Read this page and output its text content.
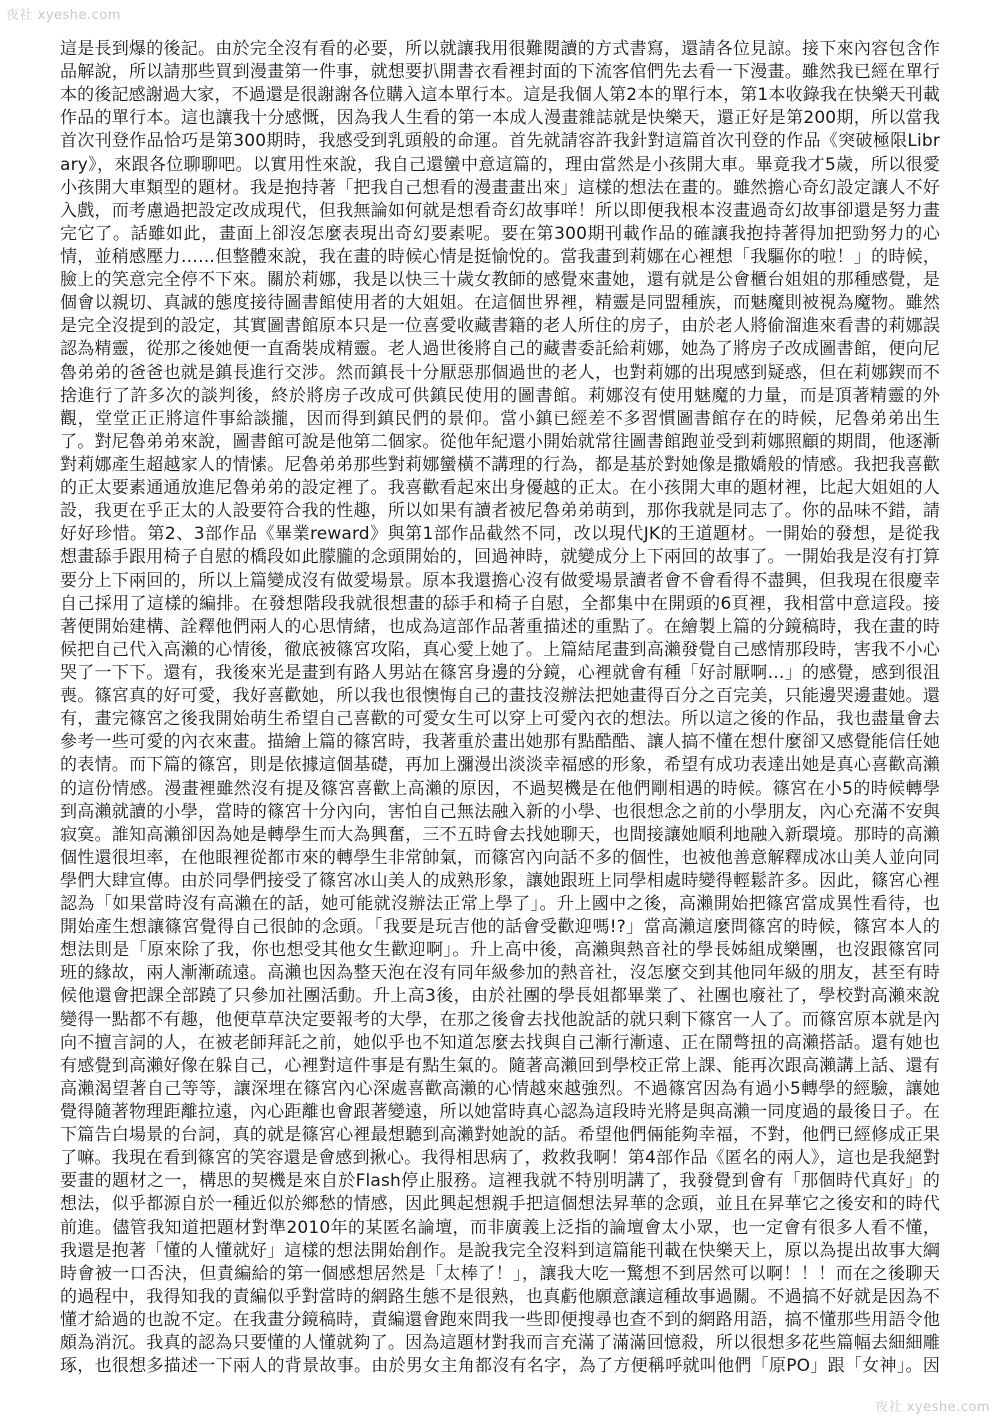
夜社 xyeshe.com

這是長到爆的後記。由於完全沒有看的必要，所以就讓我用很難閱讀的方式書寫，還請各位見諒。接下來內容包含作品解說，所以請那些買到漫畫第一件事，就想要扒開書衣看裡封面的下流客倌們先去看一下漫畫。雖然我已經在單行本的後記感謝過大家，不過還是很謝謝各位購入這本單行本。這是我個人第2本的單行本，第1本收錄我在快樂天刊載作品的單行本。這也讓我十分感慨，因為我人生看的第一本成人漫畫雜誌就是快樂天，還正好是第200期，所以當我首次刊登作品恰巧是第300期時，我感受到乳頭般的命運。首先就請容許我針對這篇首次刊登的作品《突破極限Library》，來跟各位聊聊吧。以實用性來說，我自己還蠻中意這篇的，理由當然是小孩開大車。畢竟我才5歲，所以很愛小孩開大車類型的題材。我是抱持著「把我自己想看的漫畫畫出來」這樣的想法在畫的。雖然擔心奇幻設定讓人不好入戲，而考慮過把設定改成現代，但我無論如何就是想看奇幻故事咩！所以即便我根本沒畫過奇幻故事卻還是努力畫完它了。話雖如此，畫面上卻沒怎麼表現出奇幻要素呢。要在第300期刊載作品的確讓我抱持著得加把勁努力的心情，並稍感壓力……但整體來說，我在畫的時候心情是挺愉悅的。當我畫到莉娜在心裡想「我驅你的啦！」的時候，臉上的笑意完全停不下來。關於莉娜，我是以快三十歲女教師的感覺來畫她，還有就是公會櫃台姐姐的那種感覺，是個會以親切、真誠的態度接待圖書館使用者的大姐姐。在這個世界裡，精靈是同盟種族，而魅魔則被視為魔物。雖然是完全沒提到的設定，其實圖書館原本只是一位喜愛收藏書籍的老人所住的房子，由於老人將偷溜進來看書的莉娜誤認為精靈，從那之後她便一直喬裝成精靈。老人過世後將自己的藏書委託給莉娜，她為了將房子改成圖書館，便向尼魯弟弟的爸爸也就是鎮長進行交涉。然而鎮長十分厭惡那個過世的老人，也對莉娜的出現感到疑惑，但在莉娜鍥而不捨進行了許多次的談判後，終於將房子改成可供鎮民使用的圖書館。莉娜沒有使用魅魔的力量，而是頂著精靈的外觀，堂堂正正將這件事給談攏，因而得到鎮民們的景仰。當小鎮已經差不多習慣圖書館存在的時候，尼魯弟弟出生了。對尼魯弟弟來說，圖書館可說是他第二個家。從他年紀還小開始就常往圖書館跑並受到莉娜照顧的期間，他逐漸對莉娜產生超越家人的情愫。尼魯弟弟那些對莉娜蠻橫不講理的行為，都是基於對她像是撒嬌般的情感。我把我喜歡的正太要素通通放進尼魯弟弟的設定裡了。我喜歡看起來出身優越的正太。在小孩開大車的題材裡，比起大姐姐的人設，我更在乎正太的人設要符合我的性趣，所以如果有讀者被尼魯弟弟萌到，那你我就是同志了。你的品味不錯，請好好珍惜。第2、3部作品《畢業reward》與第1部作品截然不同，改以現代JK的王道題材。一開始的發想，是從我想畫舔手跟用椅子自慰的橋段如此朦朧的念頭開始的，回過神時，就變成分上下兩回的故事了。一開始我是沒有打算要分上下兩回的，所以上篇變成沒有做愛場景。原本我還擔心沒有做愛場景讀者會不會看得不盡興，但我現在很慶幸自己採用了這樣的編排。在發想階段我就很想畫的舔手和椅子自慰，全都集中在開頭的6頁裡，我相當中意這段。接著便開始建構、詮釋他們兩人的心思情緒，也成為這部作品著重描述的重點了。在繪製上篇的分鏡稿時，我在畫的時候把自己代入高瀨的心情後，徹底被篠宮攻陷，真心愛上她了。上篇結尾畫到高瀨發覺自己感情那段時，害我不小心哭了一下下。還有，我後來光是畫到有路人男站在篠宮身邊的分鏡，心裡就會有種「好討厭啊…」的感覺，感到很沮喪。篠宮真的好可愛，我好喜歡她，所以我也很懊悔自己的畫技沒辦法把她畫得百分之百完美，只能邊哭邊畫她。還有，畫完篠宮之後我開始萌生希望自己喜歡的可愛女生可以穿上可愛內衣的想法。所以這之後的作品，我也盡量會去參考一些可愛的內衣來畫。描繪上篇的篠宮時，我著重於畫出她那有點酷酷、讓人搞不懂在想什麼卻又感覺能信任她的表情。而下篇的篠宮，則是依據這個基礎，再加上瀰漫出淡淡幸福感的形象，希望有成功表達出她是真心喜歡高瀨的這份情感。漫畫裡雖然沒有提及篠宮喜歡上高瀨的原因，不過契機是在他們剛相遇的時候。篠宮在小5的時候轉學到高瀨就讀的小學，當時的篠宮十分內向，害怕自己無法融入新的小學、也很想念之前的小學朋友，內心充滿不安與寂寞。誰知高瀨卻因為她是轉學生而大為興奮，三不五時會去找她聊天，也間接讓她順利地融入新環境。那時的高瀨個性還很坦率，在他眼裡從都市來的轉學生非常帥氣，而篠宮內向話不多的個性，也被他善意解釋成冰山美人並向同學們大肆宣傳。由於同學們接受了篠宮冰山美人的成熟形象，讓她跟班上同學相處時變得輕鬆許多。因此，篠宮心裡認為「如果當時沒有高瀨在的話，她可能就沒辦法正常上學了」。升上國中之後，高瀨開始把篠宮當成異性看待，也開始產生想讓篠宮覺得自己很帥的念頭。「我要是玩吉他的話會受歡迎嗎!?」當高瀨這麼問篠宮的時候，篠宮本人的想法則是「原來除了我，你也想受其他女生歡迎啊」。升上高中後，高瀨與熱音社的學長姊組成樂團，也沒跟篠宮同班的緣故，兩人漸漸疏遠。高瀨也因為整天泡在沒有同年級參加的熱音社，沒怎麼交到其他同年級的朋友，甚至有時候他還會把課全部蹺了只參加社團活動。升上高3後，由於社團的學長姐都畢業了、社團也廢社了，學校對高瀨來說變得一點都不有趣，他便草草決定要報考的大學，在那之後會去找他說話的就只剩下篠宮一人了。而篠宮原本就是內向不擅言詞的人，在被老師拜託之前，她似乎也不知道怎麼去找與自己漸行漸遠、正在鬧彆扭的高瀨搭話。還有她也有感覺到高瀨好像在躲自己，心裡對這件事是有點生氣的。隨著高瀨回到學校正常上課、能再次跟高瀨講上話、還有高瀨渴望著自己等等，讓深埋在篠宮內心深處喜歡高瀨的心情越來越強烈。不過篠宮因為有過小5轉學的經驗，讓她覺得隨著物理距離拉遠，內心距離也會跟著變遠，所以她當時真心認為這段時光將是與高瀨一同度過的最後日子。在下篇告白場景的台詞，真的就是篠宮心裡最想聽到高瀨對她說的話。希望他們倆能夠幸福，不對，他們已經修成正果了嘛。我現在看到篠宮的笑容還是會感到揪心。我得相思病了，救救我啊！第4部作品《匿名的兩人》，這也是我絕對要畫的題材之一，構思的契機是來自於Flash停止服務。這裡我就不特別明講了，我發覺到會有「那個時代真好」的想法，似乎都源自於一種近似於鄉愁的情感，因此興起想親手把這個想法昇華的念頭，並且在昇華它之後安和的時代前進。儘管我知道把題材對準2010年的某匿名論壇，而非廣義上泛指的論壇會太小眾，也一定會有很多人看不懂，我還是抱著「懂的人懂就好」這樣的想法開始創作。是說我完全沒料到這篇能刊載在快樂天上，原以為提出故事大綱時會被一口否決，但責編給的第一個感想居然是「太棒了！」，讓我大吃一驚想不到居然可以啊！！！而在之後聊天的過程中，我得知我的責編似乎對當時的網路生態不是很熟，也真虧他願意讓這種故事過關。不過搞不好就是因為不懂才給過的也說不定。在我畫分鏡稿時，責編還會跑來問我一些即便搜尋也查不到的網路用語，搞不懂那些用語令他頗為消沉。我真的認為只要懂的人懂就夠了。因為這題材對我而言充滿了滿滿回憶殺，所以很想多花些篇幅去細細雕琢，也很想多描述一下兩人的背景故事。由於男女主角都沒有名字，為了方便稱呼就叫他們「原PO」跟「女神」。因

夜社 xyeshe.com
